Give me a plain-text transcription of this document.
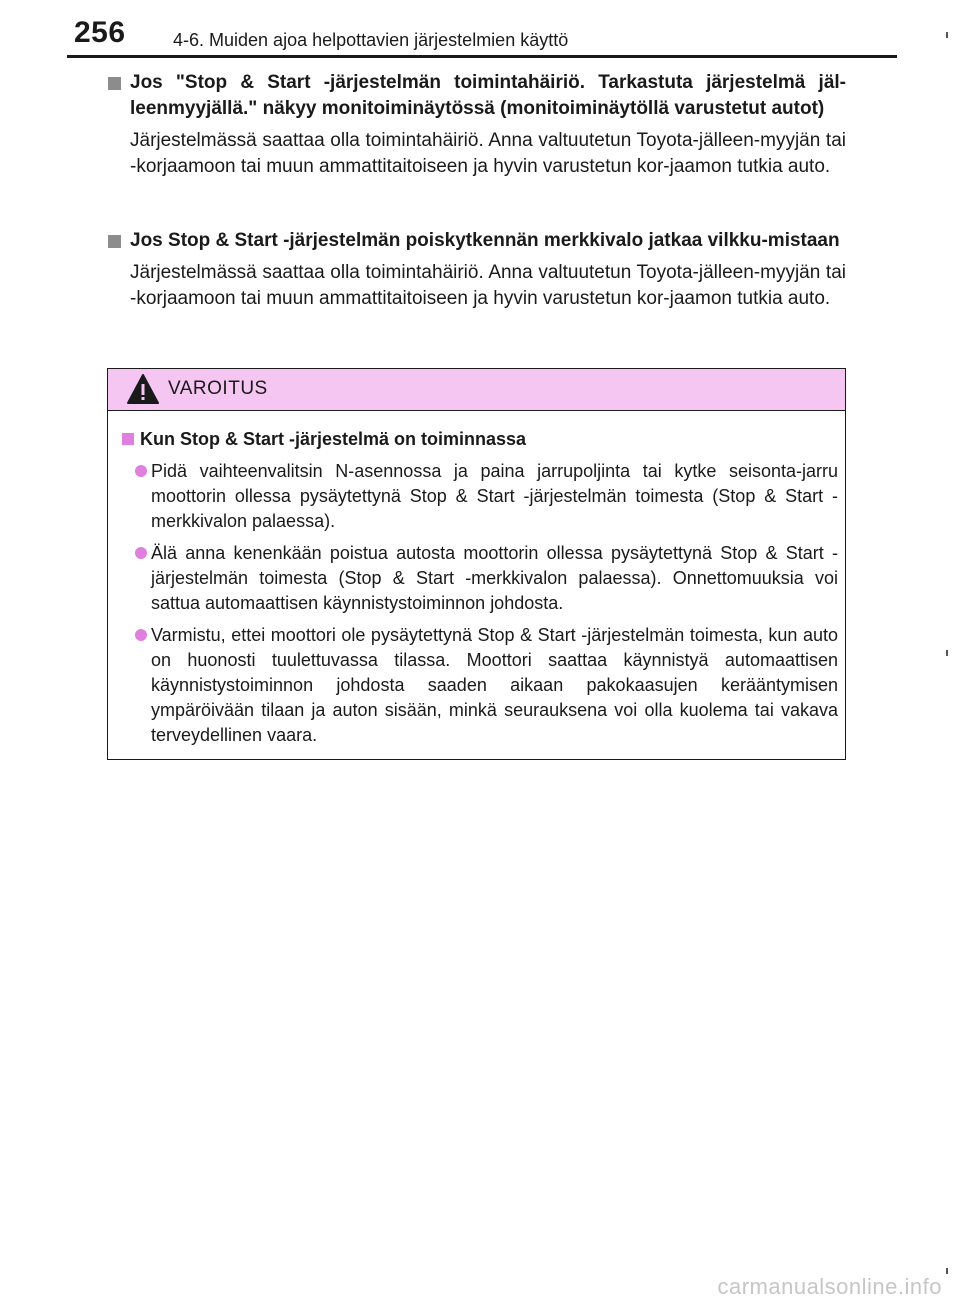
256	4-6. Muiden ajoa helpottavien järjestelmien käyttö
Jos "Stop & Start -järjestelmän toimintahäiriö. Tarkastuta järjestelmä jäl-leenmyyjällä." näkyy monitoiminäytössä (monitoiminäytöllä varustetut autot)
Järjestelmässä saattaa olla toimintahäiriö. Anna valtuutetun Toyota-jälleen-myyjän tai -korjaamoon tai muun ammattitaitoiseen ja hyvin varustetun kor-jaamon tutkia auto.
Jos Stop & Start -järjestelmän poiskytkennän merkkivalo jatkaa vilkku-mistaan
Järjestelmässä saattaa olla toimintahäiriö. Anna valtuutetun Toyota-jälleen-myyjän tai -korjaamoon tai muun ammattitaitoiseen ja hyvin varustetun kor-jaamon tutkia auto.
VAROITUS
Kun Stop & Start -järjestelmä on toiminnassa
Pidä vaihteenvalitsin N-asennossa ja paina jarrupoljinta tai kytke seisonta-jarru moottorin ollessa pysäytettynä Stop & Start -järjestelmän toimesta (Stop & Start -merkkivalon palaessa).
Älä anna kenenkään poistua autosta moottorin ollessa pysäytettynä Stop & Start -järjestelmän toimesta (Stop & Start -merkkivalon palaessa). Onnettomuuksia voi sattua automaattisen käynnistystoiminnon johdosta.
Varmistu, ettei moottori ole pysäytettynä Stop & Start -järjestelmän toimesta, kun auto on huonosti tuulettuvassa tilassa. Moottori saattaa käynnistyä automaattisen käynnistystoiminnon johdosta saaden aikaan pakokaasujen kerääntymisen ympäröivään tilaan ja auton sisään, minkä seurauksena voi olla kuolema tai vakava terveydellinen vaara.
carmanualsonline.info
